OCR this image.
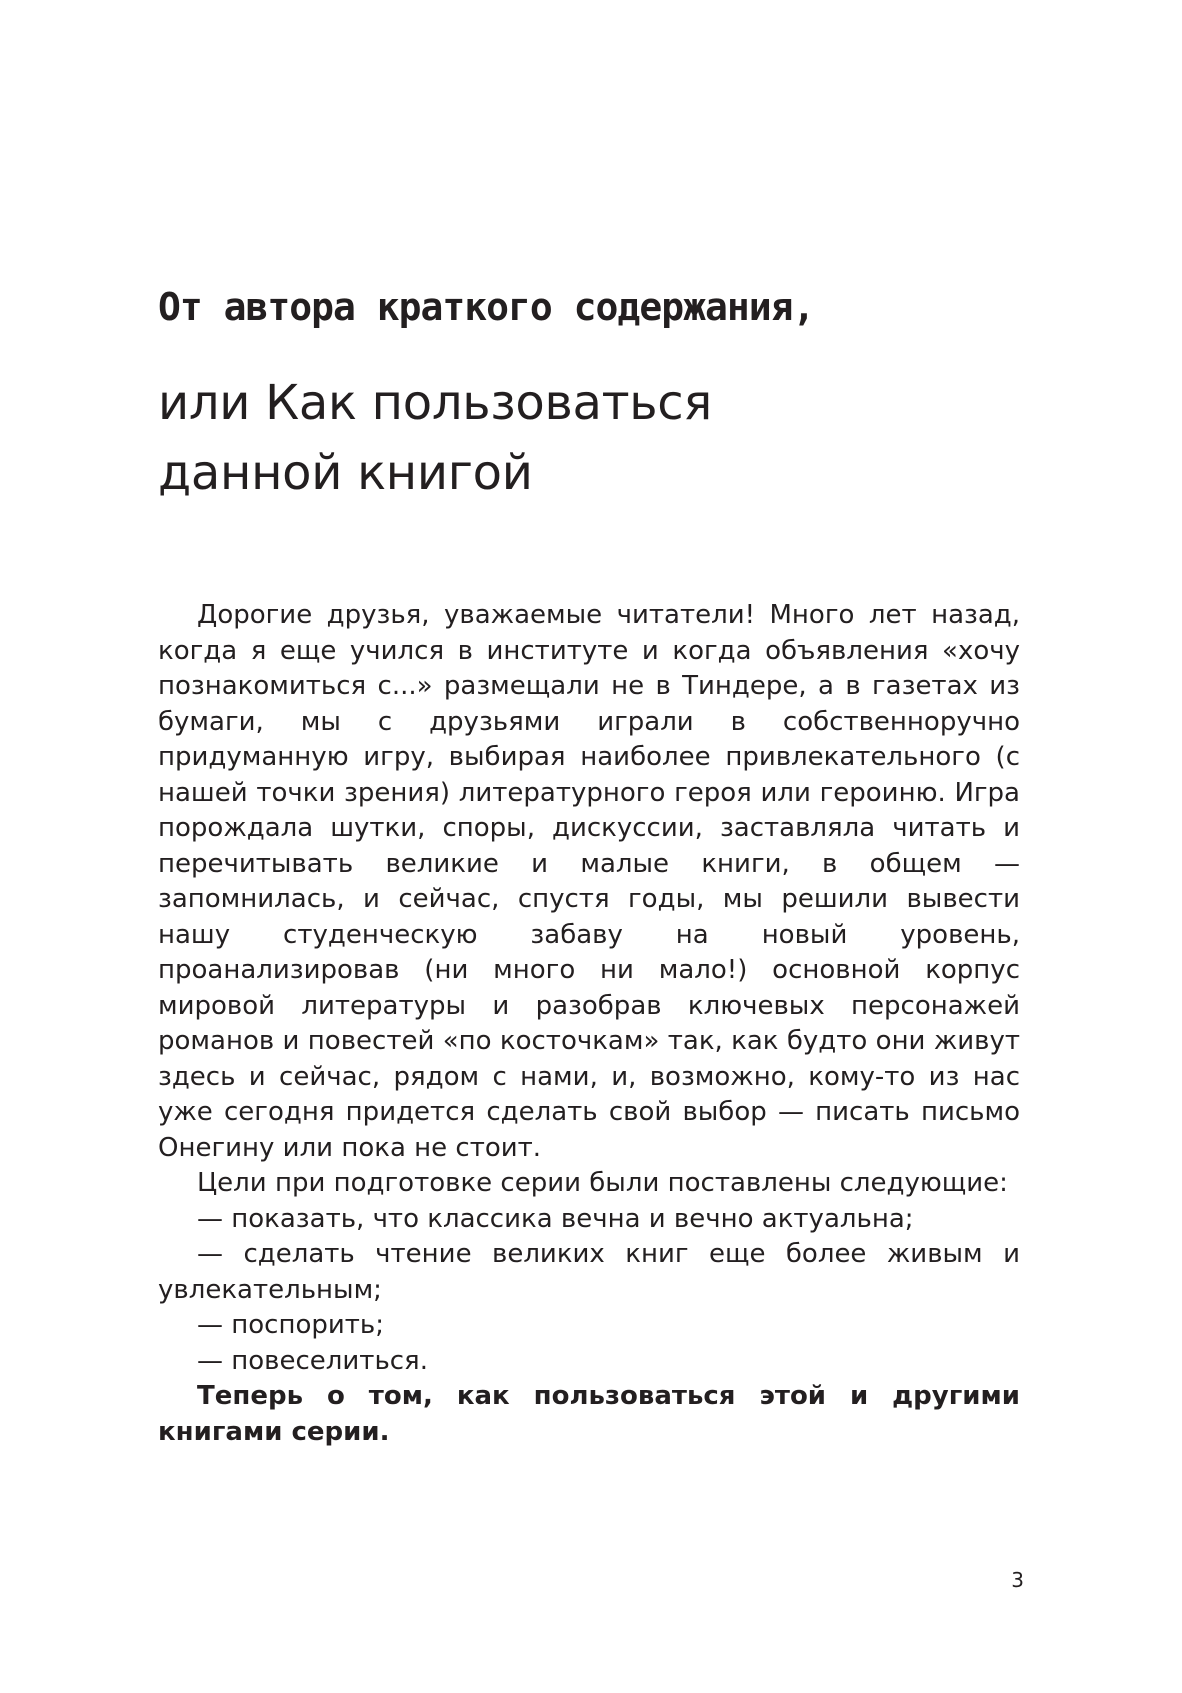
От автора краткого содержания,
или Как пользоваться
данной книгой

Дорогие друзья, уважаемые читатели! Много лет назад, когда я еще учился в институте и когда объявления «хочу познакомиться с...» размещали не в Тиндере, а в газетах из бумаги, мы с друзьями играли в собственноручно придуманную игру, выбирая наиболее привлекательного (с нашей точки зрения) литературного героя или героиню. Игра порождала шутки, споры, дискуссии, заставляла читать и перечитывать великие и малые книги, в общем — запомнилась, и сейчас, спустя годы, мы решили вывести нашу студенческую забаву на новый уровень, проанализировав (ни много ни мало!) основной корпус мировой литературы и разобрав ключевых персонажей романов и повестей «по косточкам» так, как будто они живут здесь и сейчас, рядом с нами, и, возможно, кому-то из нас уже сегодня придется сделать свой выбор — писать письмо Онегину или пока не стоит.

Цели при подготовке серии были поставлены следующие:

— показать, что классика вечна и вечно актуальна;

— сделать чтение великих книг еще более живым и увлекательным;

— поспорить;

— повеселиться.

Теперь о том, как пользоваться этой и другими книгами серии.

3
